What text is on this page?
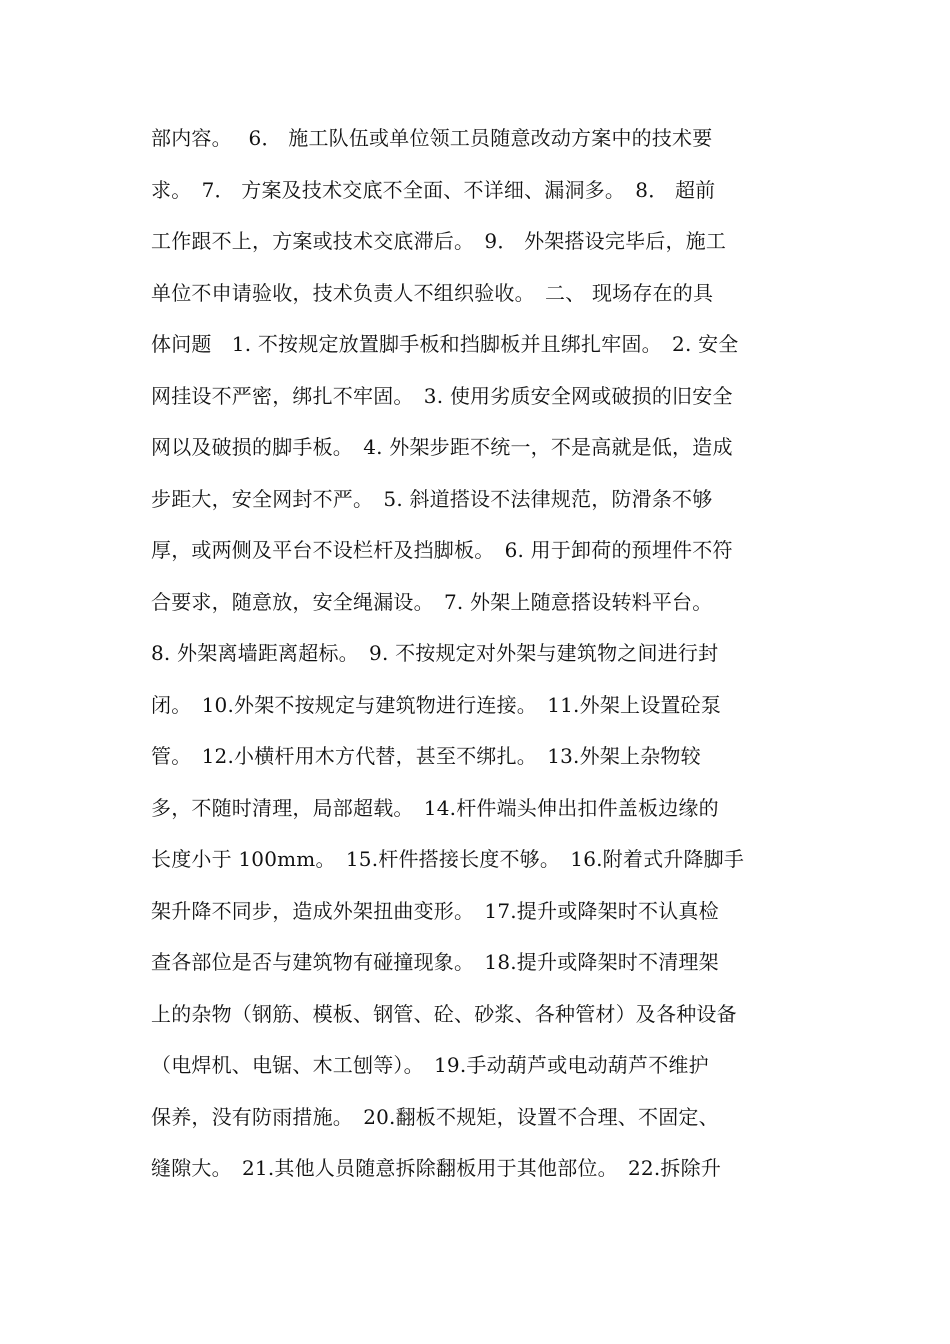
部内容。　 6． 施工队伍或单位领工员随意改动方案中的技术要
求。　7． 方案及技术交底不全面、不详细、漏洞多。　8． 超前
工作跟不上，方案或技术交底滞后。　9． 外架搭设完毕后，施工
单位不申请验收，技术负责人不组织验收。　二、 现场存在的具
体问题　1. 不按规定放置脚手板和挡脚板并且绑扎牢固。　2. 安全
网挂设不严密，绑扎不牢固。　3. 使用劣质安全网或破损的旧安全
网以及破损的脚手板。　4. 外架步距不统一，不是高就是低，造成
步距大，安全网封不严。　5. 斜道搭设不法律规范，防滑条不够
厚，或两侧及平台不设栏杆及挡脚板。　6. 用于卸荷的预埋件不符
合要求，随意放，安全绳漏设。　7. 外架上随意搭设转料平台。
8. 外架离墙距离超标。　9. 不按规定对外架与建筑物之间进行封
闭。　10.外架不按规定与建筑物进行连接。　11.外架上设置砼泵
管。　12.小横杆用木方代替，甚至不绑扎。　13.外架上杂物较
多，不随时清理，局部超载。　14.杆件端头伸出扣件盖板边缘的
长度小于 100mm。　15.杆件搭接长度不够。　16.附着式升降脚手
架升降不同步，造成外架扭曲变形。　17.提升或降架时不认真检
查各部位是否与建筑物有碰撞现象。　18.提升或降架时不清理架
上的杂物（钢筋、模板、钢管、砼、砂浆、各种管材）及各种设备
（电焊机、电锯、木工刨等）。　19.手动葫芦或电动葫芦不维护
保养，没有防雨措施。　20.翻板不规矩，设置不合理、不固定、
缝隙大。　21.其他人员随意拆除翻板用于其他部位。　22.拆除升
